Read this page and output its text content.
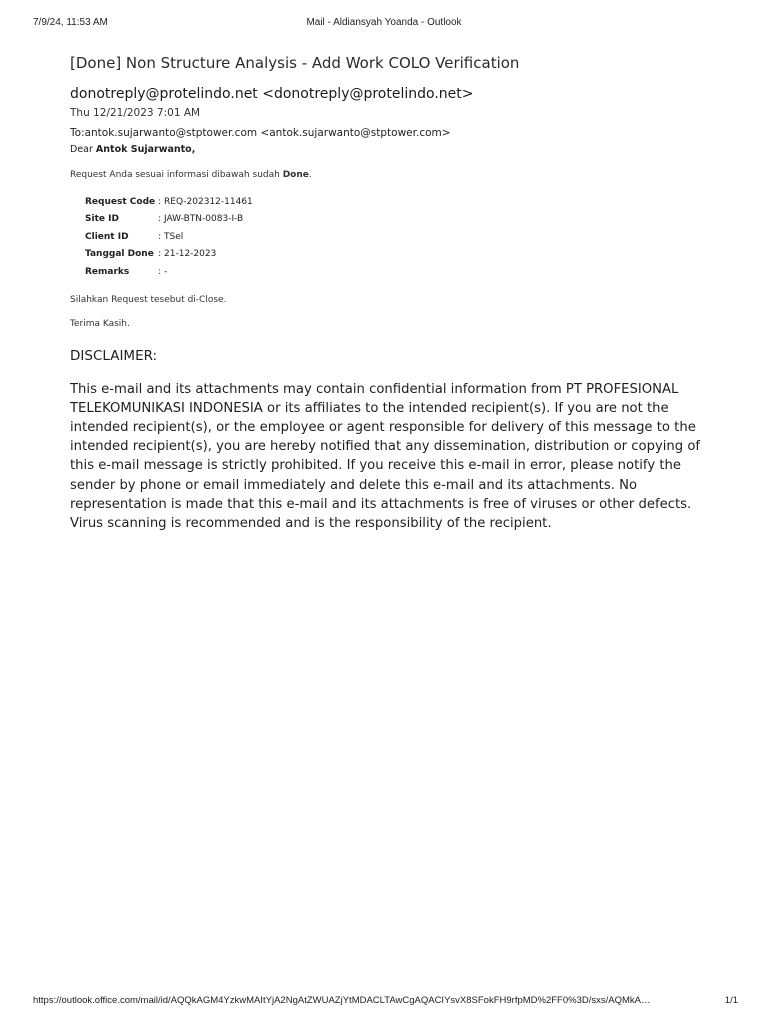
7/9/24, 11:53 AM	Mail - Aldiansyah Yoanda - Outlook
[Done] Non Structure Analysis - Add Work COLO Verification
donotreply@protelindo.net <donotreply@protelindo.net>
Thu 12/21/2023 7:01 AM
To:antok.sujarwanto@stptower.com <antok.sujarwanto@stptower.com>
Dear Antok Sujarwanto,
Request Anda sesuai informasi dibawah sudah Done.
Request Code	: REQ-202312-11461
Site ID	: JAW-BTN-0083-I-B
Client ID	: TSel
Tanggal Done	: 21-12-2023
Remarks	: -
Silahkan Request tesebut di-Close.
Terima Kasih.
DISCLAIMER:
This e-mail and its attachments may contain confidential information from PT PROFESIONAL TELEKOMUNIKASI INDONESIA or its affiliates to the intended recipient(s). If you are not the intended recipient(s), or the employee or agent responsible for delivery of this message to the intended recipient(s), you are hereby notified that any dissemination, distribution or copying of this e-mail message is strictly prohibited. If you receive this e-mail in error, please notify the sender by phone or email immediately and delete this e-mail and its attachments. No representation is made that this e-mail and its attachments is free of viruses or other defects. Virus scanning is recommended and is the responsibility of the recipient.
https://outlook.office.com/mail/id/AQQkAGM4YzkwMAItYjA2NgAtZWUAZjYtMDACLTAwCgAQACIYsvX8SFokFH9rfpMD%2FF0%3D/sxs/AQMkA…	1/1
